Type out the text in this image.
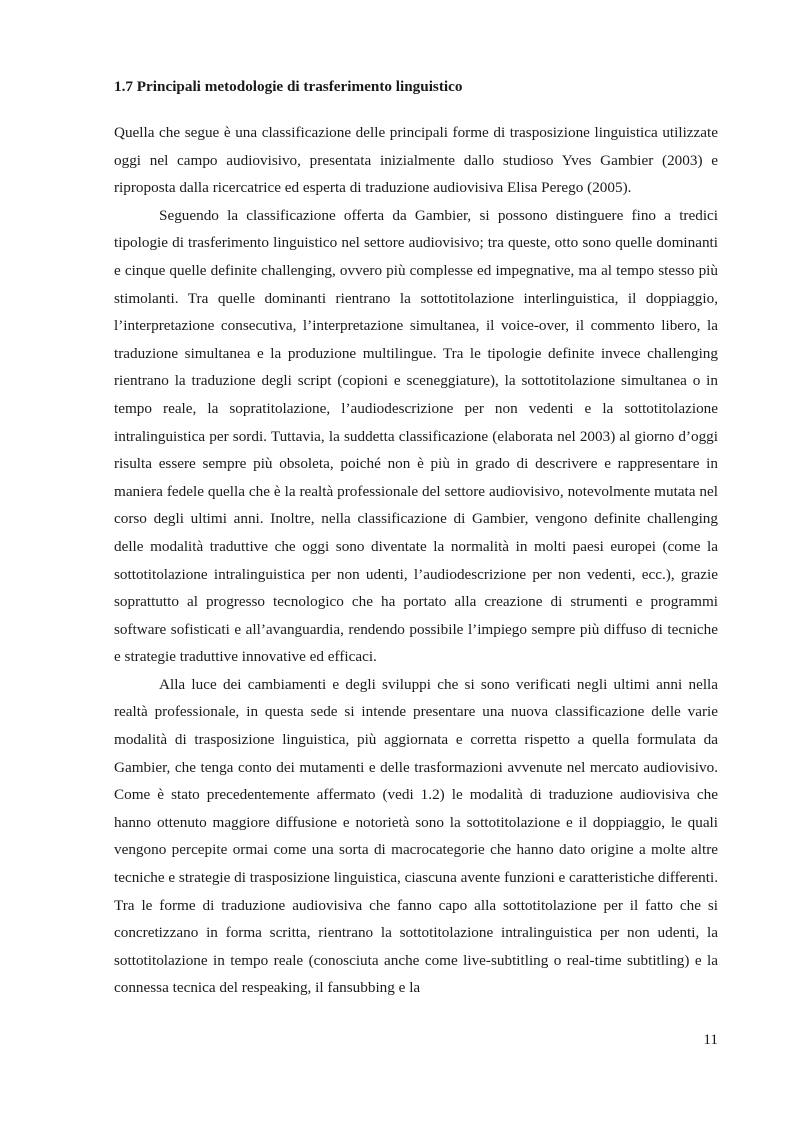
1.7 Principali metodologie di trasferimento linguistico

Quella che segue è una classificazione delle principali forme di trasposizione linguistica utilizzate oggi nel campo audiovisivo, presentata inizialmente dallo studioso Yves Gambier (2003) e riproposta dalla ricercatrice ed esperta di traduzione audiovisiva Elisa Perego (2005).

Seguendo la classificazione offerta da Gambier, si possono distinguere fino a tredici tipologie di trasferimento linguistico nel settore audiovisivo; tra queste, otto sono quelle dominanti e cinque quelle definite challenging, ovvero più complesse ed impegnative, ma al tempo stesso più stimolanti. Tra quelle dominanti rientrano la sottotitolazione interlinguistica, il doppiaggio, l’interpretazione consecutiva, l’interpretazione simultanea, il voice-over, il commento libero, la traduzione simultanea e la produzione multilingue. Tra le tipologie definite invece challenging rientrano la traduzione degli script (copioni e sceneggiature), la sottotitolazione simultanea o in tempo reale, la sopratitolazione, l’audiodescrizione per non vedenti e la sottotitolazione intralinguistica per sordi. Tuttavia, la suddetta classificazione (elaborata nel 2003) al giorno d’oggi risulta essere sempre più obsoleta, poiché non è più in grado di descrivere e rappresentare in maniera fedele quella che è la realtà professionale del settore audiovisivo, notevolmente mutata nel corso degli ultimi anni. Inoltre, nella classificazione di Gambier, vengono definite challenging delle modalità traduttive che oggi sono diventate la normalità in molti paesi europei (come la sottotitolazione intralinguistica per non udenti, l’audiodescrizione per non vedenti, ecc.), grazie soprattutto al progresso tecnologico che ha portato alla creazione di strumenti e programmi software sofisticati e all’avanguardia, rendendo possibile l’impiego sempre più diffuso di tecniche e strategie traduttive innovative ed efficaci.

Alla luce dei cambiamenti e degli sviluppi che si sono verificati negli ultimi anni nella realtà professionale, in questa sede si intende presentare una nuova classificazione delle varie modalità di trasposizione linguistica, più aggiornata e corretta rispetto a quella formulata da Gambier, che tenga conto dei mutamenti e delle trasformazioni avvenute nel mercato audiovisivo. Come è stato precedentemente affermato (vedi 1.2) le modalità di traduzione audiovisiva che hanno ottenuto maggiore diffusione e notorietà sono la sottotitolazione e il doppiaggio, le quali vengono percepite ormai come una sorta di macrocategorie che hanno dato origine a molte altre tecniche e strategie di trasposizione linguistica, ciascuna avente funzioni e caratteristiche differenti. Tra le forme di traduzione audiovisiva che fanno capo alla sottotitolazione per il fatto che si concretizzano in forma scritta, rientrano la sottotitolazione intralinguistica per non udenti, la sottotitolazione in tempo reale (conosciuta anche come live-subtitling o real-time subtitling) e la connessa tecnica del respeaking, il fansubbing e la

11
